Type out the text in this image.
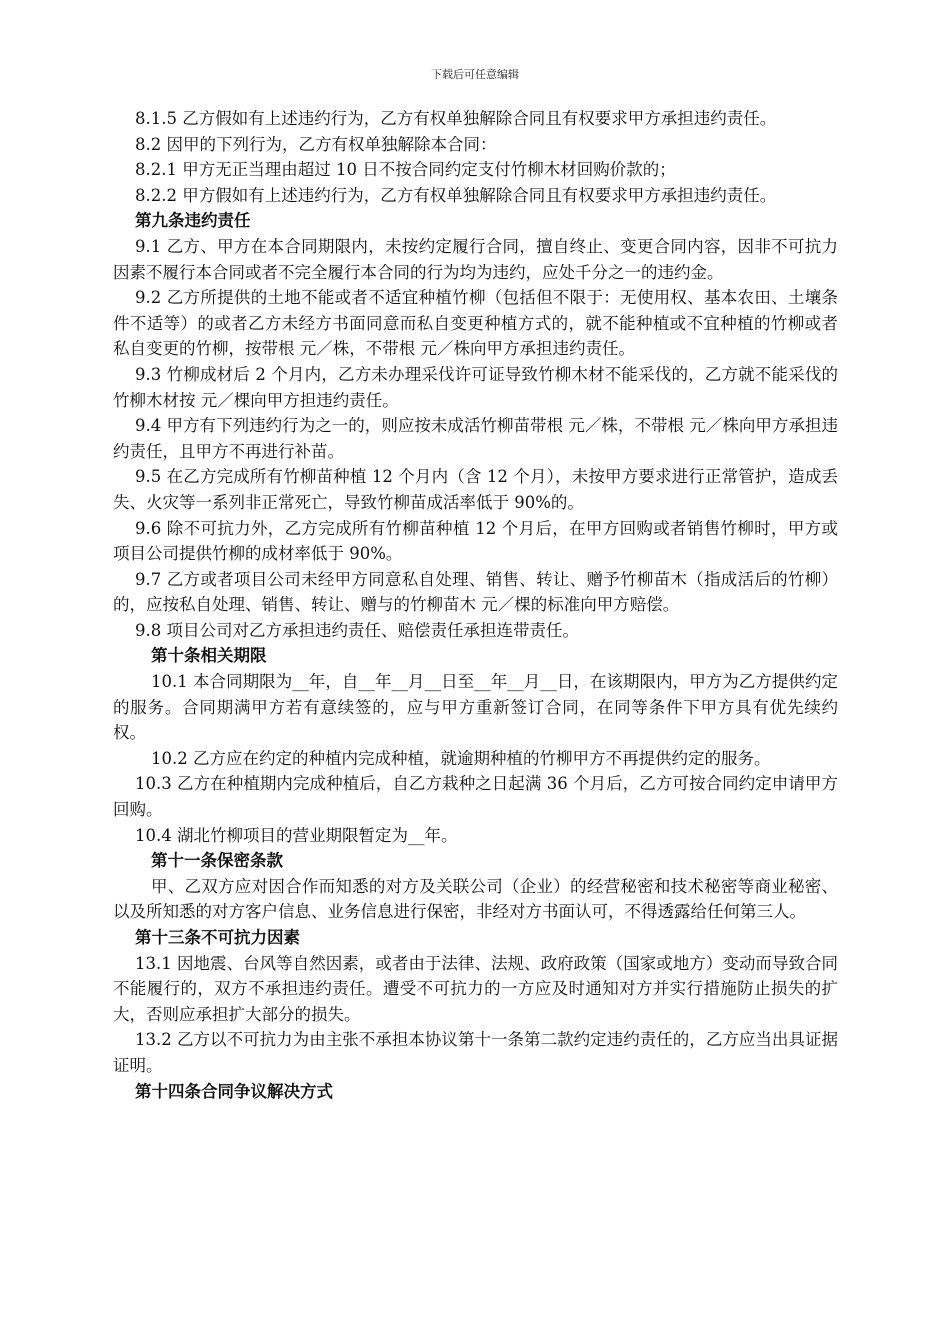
下载后可任意编辑

8.1.5 乙方假如有上述违约行为，乙方有权单独解除合同且有权要求甲方承担违约责任。

8.2 因甲的下列行为，乙方有权单独解除本合同：

8.2.1 甲方无正当理由超过 10 日不按合同约定支付竹柳木材回购价款的；

8.2.2 甲方假如有上述违约行为，乙方有权单独解除合同且有权要求甲方承担违约责任。

第九条违约责任

9.1 乙方、甲方在本合同期限内，未按约定履行合同，擅自终止、变更合同内容，因非不可抗力因素不履行本合同或者不完全履行本合同的行为均为违约，应处千分之一的违约金。

9.2 乙方所提供的土地不能或者不适宜种植竹柳（包括但不限于：无使用权、基本农田、土壤条件不适等）的或者乙方未经方书面同意而私自变更种植方式的，就不能种植或不宜种植的竹柳或者私自变更的竹柳，按带根 元／株，不带根 元／株向甲方承担违约责任。

9.3 竹柳成材后 2 个月内，乙方未办理采伐许可证导致竹柳木材不能采伐的，乙方就不能采伐的竹柳木材按 元／棵向甲方担违约责任。

9.4 甲方有下列违约行为之一的，则应按未成活竹柳苗带根 元／株，不带根 元／株向甲方承担违约责任，且甲方不再进行补苗。

9.5 在乙方完成所有竹柳苗种植 12 个月内（含 12 个月），未按甲方要求进行正常管护，造成丢失、火灾等一系列非正常死亡，导致竹柳苗成活率低于 90%的。

9.6 除不可抗力外，乙方完成所有竹柳苗种植 12 个月后，在甲方回购或者销售竹柳时，甲方或项目公司提供竹柳的成材率低于 90%。

9.7 乙方或者项目公司未经甲方同意私自处理、销售、转让、赠予竹柳苗木（指成活后的竹柳）的，应按私自处理、销售、转让、赠与的竹柳苗木 元／棵的标准向甲方赔偿。

9.8 项目公司对乙方承担违约责任、赔偿责任承担连带责任。

第十条相关期限

10.1 本合同期限为__年，自__年__月__日至__年__月__日，在该期限内，甲方为乙方提供约定的服务。合同期满甲方若有意续签的，应与甲方重新签订合同，在同等条件下甲方具有优先续约权。

10.2 乙方应在约定的种植内完成种植，就逾期种植的竹柳甲方不再提供约定的服务。

10.3 乙方在种植期内完成种植后，自乙方栽种之日起满 36 个月后，乙方可按合同约定申请甲方回购。

10.4 湖北竹柳项目的营业期限暂定为__年。

第十一条保密条款

甲、乙双方应对因合作而知悉的对方及关联公司（企业）的经营秘密和技术秘密等商业秘密、以及所知悉的对方客户信息、业务信息进行保密，非经对方书面认可，不得透露给任何第三人。

第十三条不可抗力因素

13.1 因地震、台风等自然因素，或者由于法律、法规、政府政策（国家或地方）变动而导致合同不能履行的，双方不承担违约责任。遭受不可抗力的一方应及时通知对方并实行措施防止损失的扩大，否则应承担扩大部分的损失。

13.2 乙方以不可抗力为由主张不承担本协议第十一条第二款约定违约责任的，乙方应当出具证据证明。

第十四条合同争议解决方式
